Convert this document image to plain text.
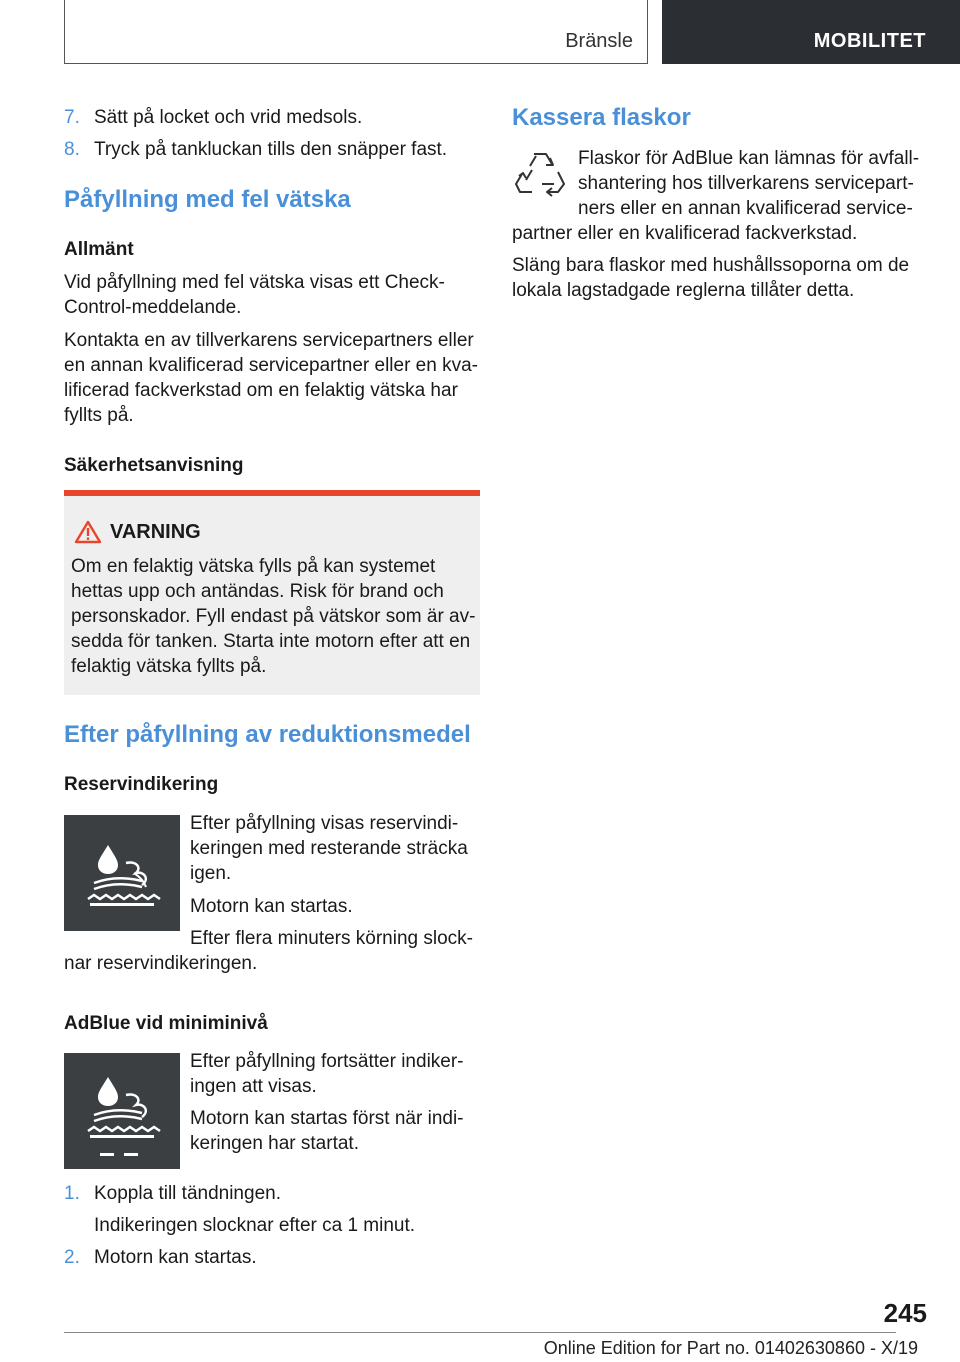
Bränsle	MOBILITET
7. Sätt på locket och vrid medsols.
8. Tryck på tankluckan tills den snäpper fast.
Påfyllning med fel vätska
Allmänt
Vid påfyllning med fel vätska visas ett Check-
Control-meddelande.
Kontakta en av tillverkarens servicepartners eller
en annan kvalificerad servicepartner eller en kva-
lificerad fackverkstad om en felaktig vätska har
fyllts på.
Säkerhetsanvisning
VARNING
Om en felaktig vätska fylls på kan systemet
hettas upp och antändas. Risk för brand och
personskador. Fyll endast på vätskor som är av-
sedda för tanken. Starta inte motorn efter att en
felaktig vätska fyllts på.
Efter påfyllning av reduktionsmedel
Reservindikering
Efter påfyllning visas reservindi-
keringen med resterande sträcka
igen.
Motorn kan startas.
Efter flera minuters körning slock-
nar reservindikeringen.
AdBlue vid miniminivå
Efter påfyllning fortsätter indiker-
ingen att visas.
Motorn kan startas först när indi-
keringen har startat.
1. Koppla till tändningen.
Indikeringen slocknar efter ca 1 minut.
2. Motorn kan startas.
Kassera flaskor
Flaskor för AdBlue kan lämnas för avfall-
shantering hos tillverkarens servicepart-
ners eller en annan kvalificerad service-
partner eller en kvalificerad fackverkstad.
Släng bara flaskor med hushållssoporna om de
lokala lagstadgade reglerna tillåter detta.
245
Online Edition for Part no. 01402630860 - X/19
